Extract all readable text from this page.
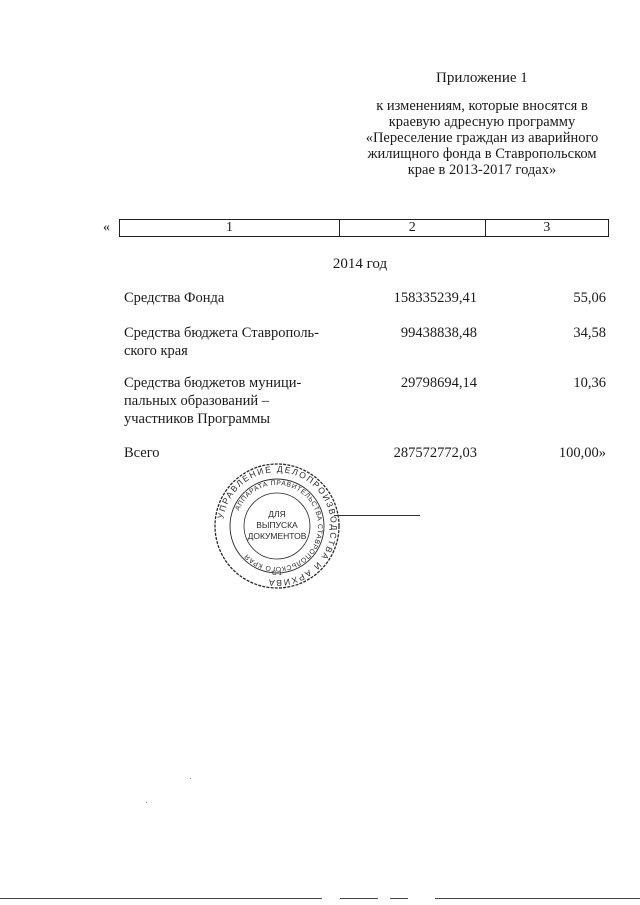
Приложение 1
к изменениям, которые вносятся в
краевую адресную программу
«Переселение граждан из аварийного
жилищного фонда в Ставропольском
крае в 2013-2017 годах»
«	1	2	3
2014 год
Средства Фонда	158335239,41	55,06
Средства бюджета Ставрополь-
ского края
99438838,48	34,58
Средства бюджетов муници-
пальных образований –
участников Программы
29798694,14	10,36
Всего	287572772,03	100,00»
УПРАВЛЕНИЕ ДЕЛОПРОИЗВОДСТВА И АРХИВА
АППАРАТА ПРАВИТЕЛЬСТВА СТАВРОПОЛЬСКОГО КРАЯ
ДЛЯ
ВЫПУСКА
ДОКУМЕНТОВ
С-1
